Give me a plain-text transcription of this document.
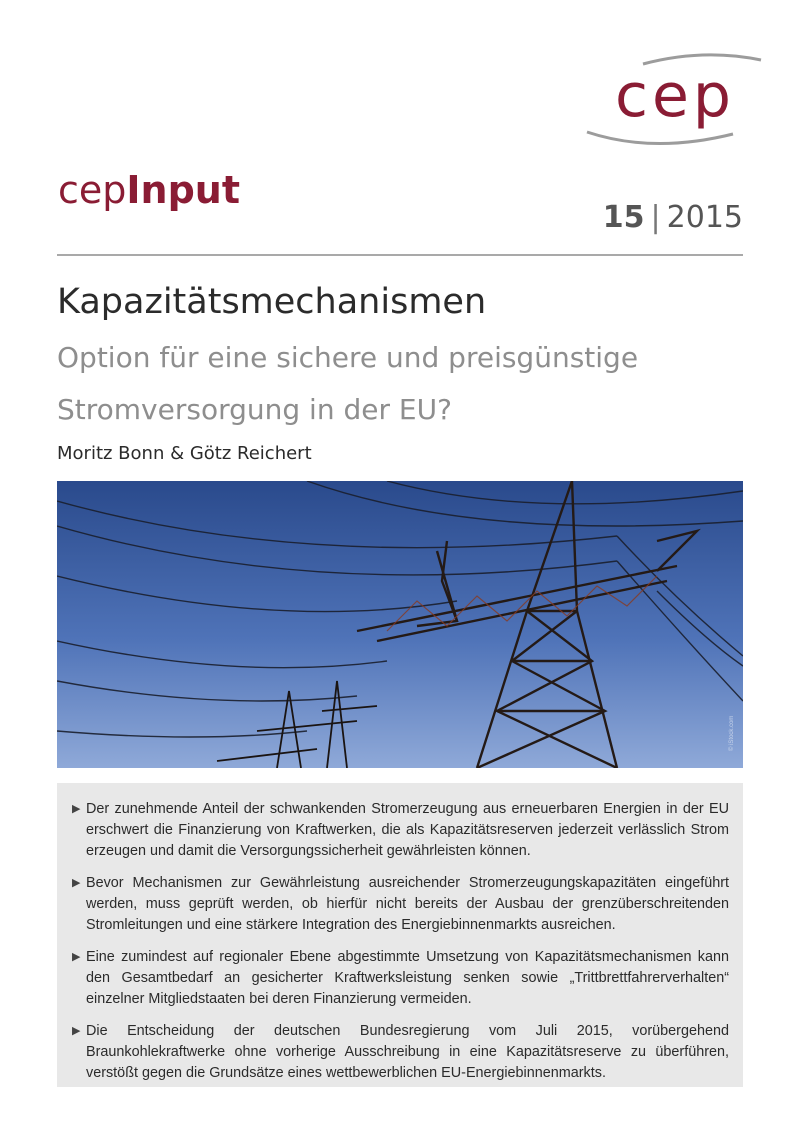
cep
cepInput
15 | 2015
Kapazitätsmechanismen
Option für eine sichere und preisgünstige
Stromversorgung in der EU?
Moritz Bonn & Götz Reichert
© iStock.com
▶ Der zunehmende Anteil der schwankenden Stromerzeugung aus erneuerbaren Energien in der EU erschwert die Finanzierung von Kraftwerken, die als Kapazitätsreserven jederzeit verlässlich Strom erzeugen und damit die Versorgungssicherheit gewährleisten können.
▶ Bevor Mechanismen zur Gewährleistung ausreichender Stromerzeugungskapazitäten eingeführt werden, muss geprüft werden, ob hierfür nicht bereits der Ausbau der grenzüberschreitenden Stromleitungen und eine stärkere Integration des Energiebinnenmarkts ausreichen.
▶ Eine zumindest auf regionaler Ebene abgestimmte Umsetzung von Kapazitätsmechanismen kann den Gesamtbedarf an gesicherter Kraftwerksleistung senken sowie „Trittbrettfahrerverhalten“ einzelner Mitgliedstaaten bei deren Finanzierung vermeiden.
▶ Die Entscheidung der deutschen Bundesregierung vom Juli 2015, vorübergehend Braunkohlekraftwerke ohne vorherige Ausschreibung in eine Kapazitätsreserve zu überführen, verstößt gegen die Grundsätze eines wettbewerblichen EU-Energiebinnenmarkts.
